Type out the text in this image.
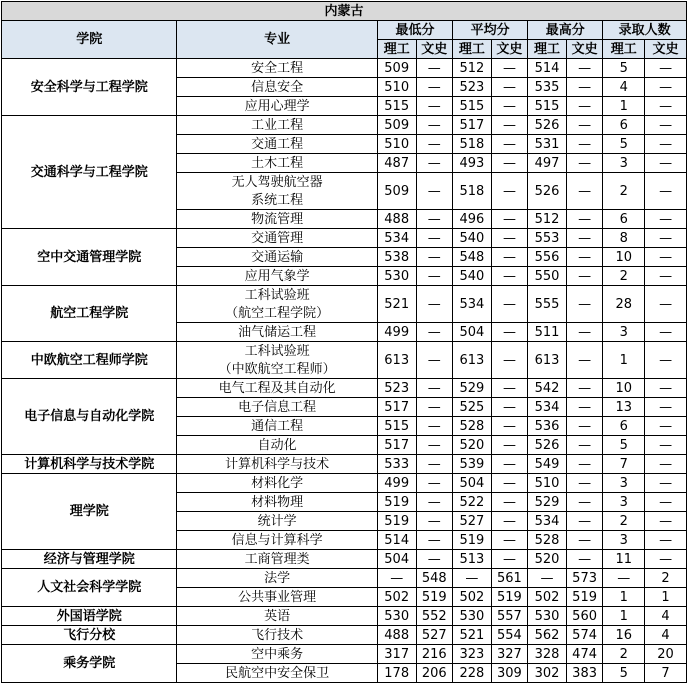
内蒙古									
学院	专业	最低分		平均分		最高分		录取人数	
		理工	文史	理工	文史	理工	文史	理工	文史
安全科学与工程学院	安全工程	509	—	512	—	514	—	5	—
	信息安全	510	—	523	—	535	—	4	—
	应用心理学	515	—	515	—	515	—	1	—
交通科学与工程学院	工业工程	509	—	517	—	526	—	6	—
	交通工程	510	—	518	—	531	—	5	—
	土木工程	487	—	493	—	497	—	3	—
	无人驾驶航空器	509	—	518	—	526	—	2	—
	系统工程								
	物流管理	488	—	496	—	512	—	6	—
空中交通管理学院	交通管理	534	—	540	—	553	—	8	—
	交通运输	538	—	548	—	556	—	10	—
	应用气象学	530	—	540	—	550	—	2	—
航空工程学院	工科试验班	521	—	534	—	555	—	28	—
	（航空工程学院）								
	油气储运工程	499	—	504	—	511	—	3	—
中欧航空工程师学院	工科试验班	613	—	613	—	613	—	1	—
	（中欧航空工程师）								
电子信息与自动化学院	电气工程及其自动化	523	—	529	—	542	—	10	—
	电子信息工程	517	—	525	—	534	—	13	—
	通信工程	515	—	528	—	536	—	6	—
	自动化	517	—	520	—	526	—	5	—
计算机科学与技术学院	计算机科学与技术	533	—	539	—	549	—	7	—
理学院	材料化学	499	—	504	—	510	—	3	—
	材料物理	519	—	522	—	529	—	3	—
	统计学	519	—	527	—	534	—	2	—
	信息与计算科学	514	—	519	—	528	—	3	—
经济与管理学院	工商管理类	504	—	513	—	520	—	11	—
人文社会科学学院	法学	—	548	—	561	—	573	—	2
	公共事业管理	502	519	502	519	502	519	1	1
外国语学院	英语	530	552	530	557	530	560	1	4
飞行分校	飞行技术	488	527	521	554	562	574	16	4
乘务学院	空中乘务	317	216	323	327	328	474	2	20
	民航空中安全保卫	178	206	228	309	302	383	5	7
